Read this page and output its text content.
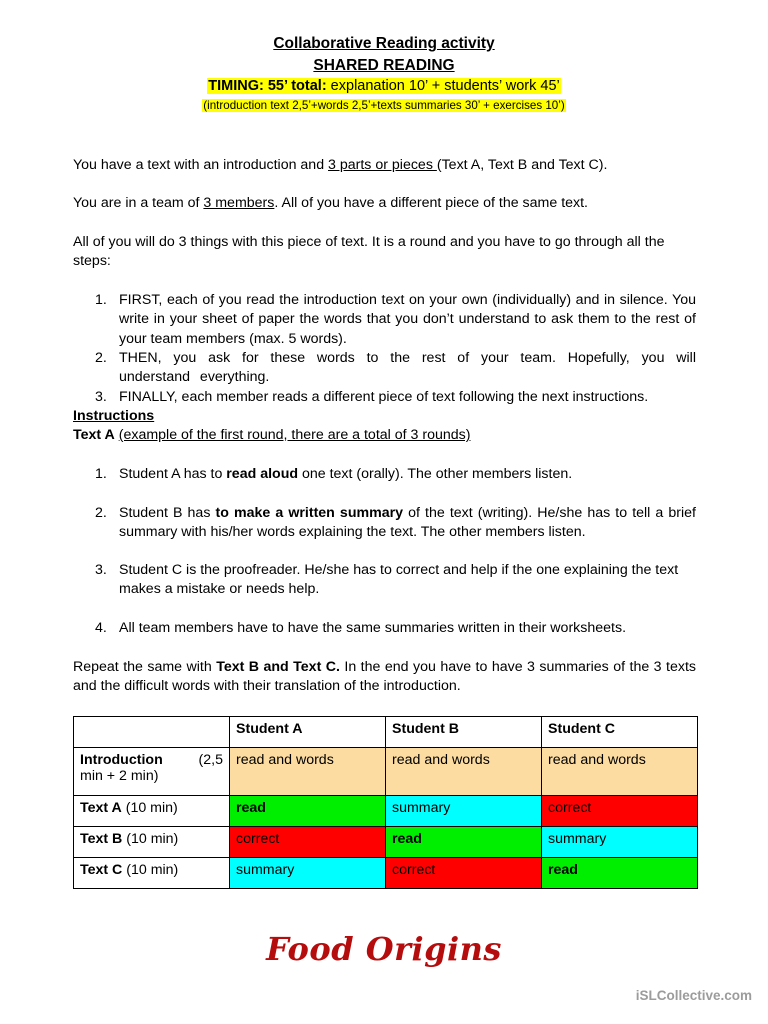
Collaborative Reading activity
SHARED READING
TIMING: 55’ total: explanation 10’ + students’ work 45’
(introduction text 2,5’+words 2,5’+texts summaries 30’ + exercises 10’)
You have a text with an introduction and 3 parts or pieces (Text A, Text B and Text C).
You are in a team of 3 members. All of you have a different piece of the same text.
All of you will do 3 things with this piece of text. It is a round and you have to go through all the steps:
1. FIRST, each of you read the introduction text on your own (individually) and in silence. You write in your sheet of paper the words that you don’t understand to ask them to the rest of your team members (max. 5 words).
2. THEN, you ask for these words to the rest of your team. Hopefully, you will understand everything.
3. FINALLY, each member reads a different piece of text following the next instructions.
Instructions
Text A (example of the first round, there are a total of 3 rounds)
1. Student A has to read aloud one text (orally). The other members listen.
2. Student B has to make a written summary of the text (writing). He/she has to tell a brief summary with his/her words explaining the text. The other members listen.
3. Student C is the proofreader. He/she has to correct and help if the one explaining the text makes a mistake or needs help.
4. All team members have to have the same summaries written in their worksheets.
Repeat the same with Text B and Text C. In the end you have to have 3 summaries of the 3 texts and the difficult words with their translation of the introduction.
	Student A	Student B	Student C

Introduction (2,5
min + 2 min)	read and words	read and words	read and words
Text A (10 min)	read	summary	correct
Text B (10 min)	correct	read	summary
Text C (10 min)	summary	correct	read
Food Origins
iSLCollective.com
